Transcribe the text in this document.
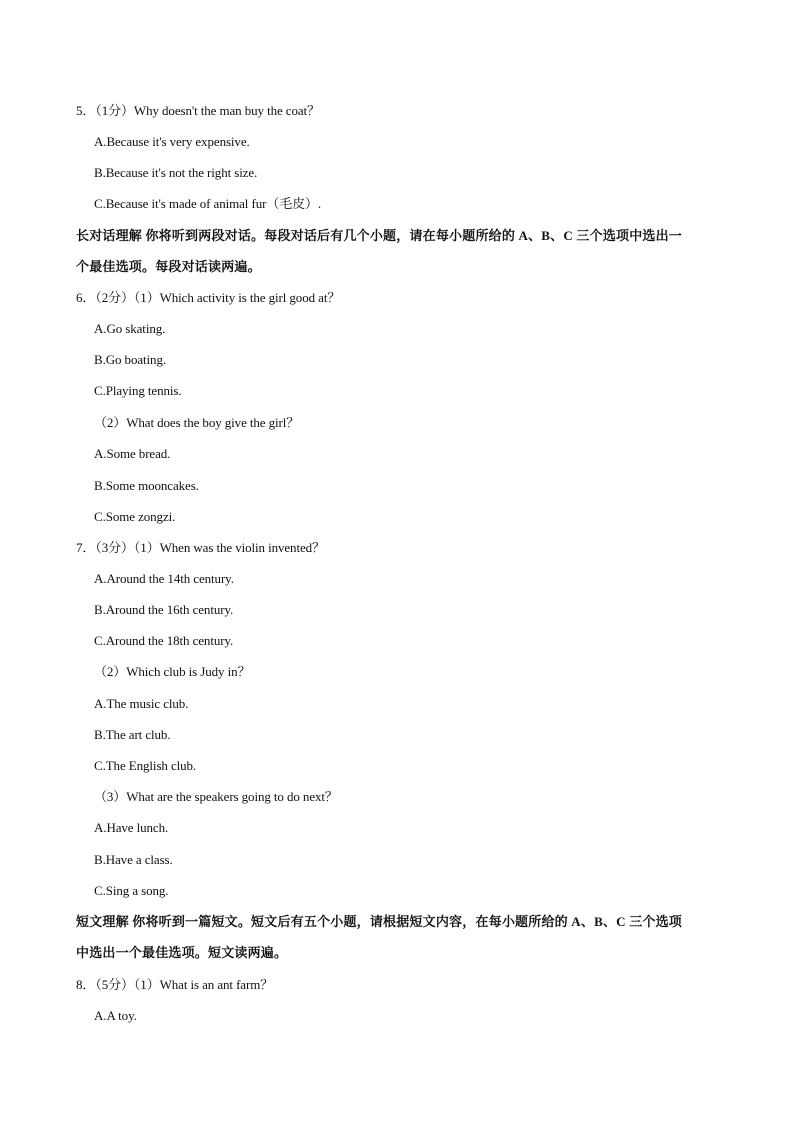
5．（1分）Why doesn't the man buy the coat？
A.Because it's very expensive.
B.Because it's not the right size.
C.Because it's made of animal fur（毛皮）.
长对话理解 你将听到两段对话。每段对话后有几个小题，请在每小题所给的 A、B、C 三个选项中选出一
个最佳选项。每段对话读两遍。
6．（2分）（1）Which activity is the girl good at？
A.Go skating.
B.Go boating.
C.Playing tennis.
（2）What does the boy give the girl？
A.Some bread.
B.Some mooncakes.
C.Some zongzi.
7．（3分）（1）When was the violin invented？
A.Around the 14th century.
B.Around the 16th century.
C.Around the 18th century.
（2）Which club is Judy in？
A.The music club.
B.The art club.
C.The English club.
（3）What are the speakers going to do next？
A.Have lunch.
B.Have a class.
C.Sing a song.
短文理解 你将听到一篇短文。短文后有五个小题，请根据短文内容，在每小题所给的 A、B、C 三个选项
中选出一个最佳选项。短文读两遍。
8．（5分）（1）What is an ant farm？
A.A toy.
